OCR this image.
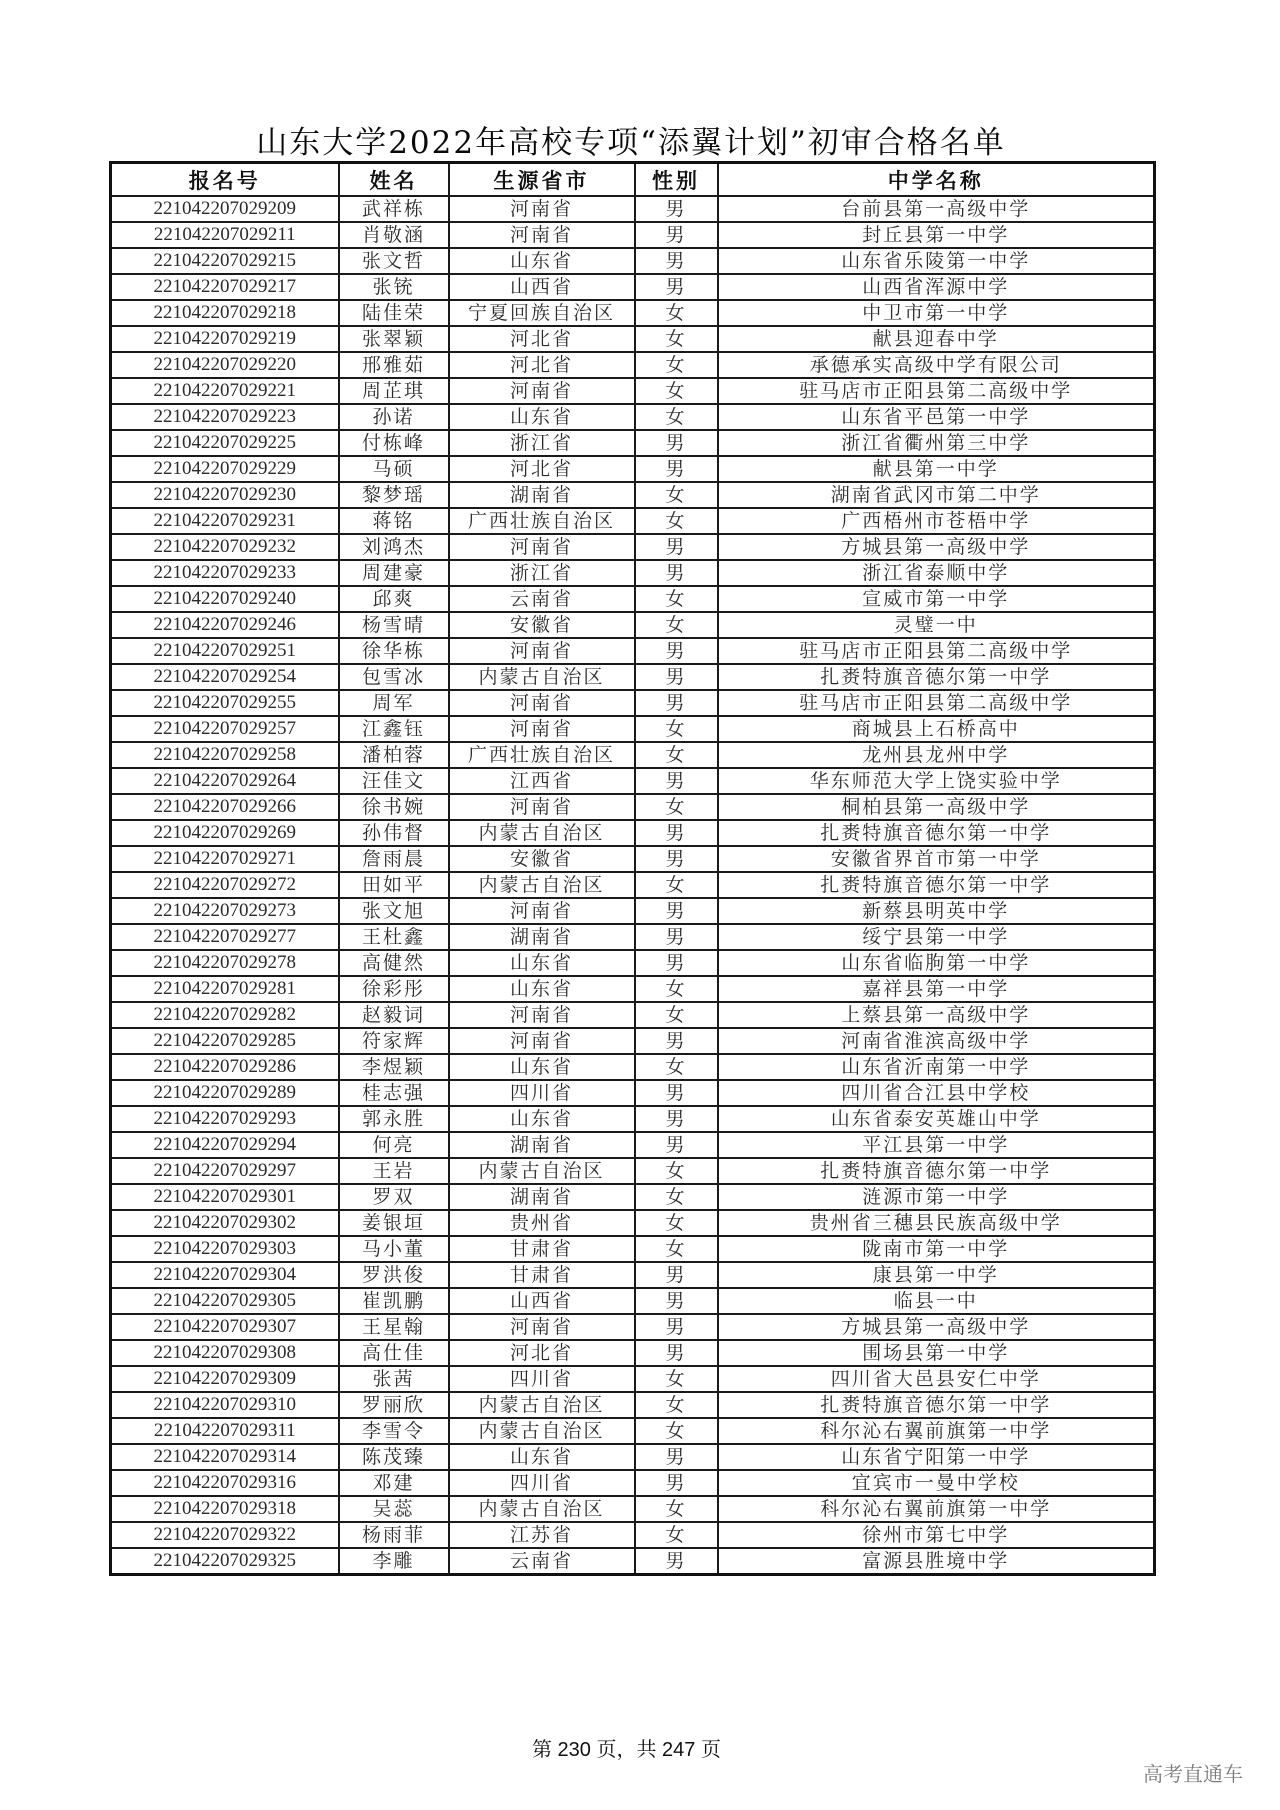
山东大学2022年高校专项“添翼计划”初审合格名单
报名号	姓名	生源省市	性别	中学名称
221042207029209	武祥栋	河南省	男	台前县第一高级中学
221042207029211	肖敬涵	河南省	男	封丘县第一中学
221042207029215	张文哲	山东省	男	山东省乐陵第一中学
221042207029217	张铳	山西省	男	山西省浑源中学
221042207029218	陆佳荣	宁夏回族自治区	女	中卫市第一中学
221042207029219	张翠颖	河北省	女	献县迎春中学
221042207029220	邢雅茹	河北省	女	承德承实高级中学有限公司
221042207029221	周芷琪	河南省	女	驻马店市正阳县第二高级中学
221042207029223	孙诺	山东省	女	山东省平邑第一中学
221042207029225	付栋峰	浙江省	男	浙江省衢州第三中学
221042207029229	马硕	河北省	男	献县第一中学
221042207029230	黎梦瑶	湖南省	女	湖南省武冈市第二中学
221042207029231	蒋铭	广西壮族自治区	女	广西梧州市苍梧中学
221042207029232	刘鸿杰	河南省	男	方城县第一高级中学
221042207029233	周建豪	浙江省	男	浙江省泰顺中学
221042207029240	邱爽	云南省	女	宣威市第一中学
221042207029246	杨雪晴	安徽省	女	灵璧一中
221042207029251	徐华栋	河南省	男	驻马店市正阳县第二高级中学
221042207029254	包雪冰	内蒙古自治区	男	扎赉特旗音德尔第一中学
221042207029255	周军	河南省	男	驻马店市正阳县第二高级中学
221042207029257	江鑫钰	河南省	女	商城县上石桥高中
221042207029258	潘柏蓉	广西壮族自治区	女	龙州县龙州中学
221042207029264	汪佳文	江西省	男	华东师范大学上饶实验中学
221042207029266	徐书婉	河南省	女	桐柏县第一高级中学
221042207029269	孙伟督	内蒙古自治区	男	扎赉特旗音德尔第一中学
221042207029271	詹雨晨	安徽省	男	安徽省界首市第一中学
221042207029272	田如平	内蒙古自治区	女	扎赉特旗音德尔第一中学
221042207029273	张文旭	河南省	男	新蔡县明英中学
221042207029277	王杜鑫	湖南省	男	绥宁县第一中学
221042207029278	高健然	山东省	男	山东省临朐第一中学
221042207029281	徐彩彤	山东省	女	嘉祥县第一中学
221042207029282	赵毅词	河南省	女	上蔡县第一高级中学
221042207029285	符家辉	河南省	男	河南省淮滨高级中学
221042207029286	李煜颖	山东省	女	山东省沂南第一中学
221042207029289	桂志强	四川省	男	四川省合江县中学校
221042207029293	郭永胜	山东省	男	山东省泰安英雄山中学
221042207029294	何亮	湖南省	男	平江县第一中学
221042207029297	王岩	内蒙古自治区	女	扎赉特旗音德尔第一中学
221042207029301	罗双	湖南省	女	涟源市第一中学
221042207029302	姜银垣	贵州省	女	贵州省三穗县民族高级中学
221042207029303	马小董	甘肃省	女	陇南市第一中学
221042207029304	罗洪俊	甘肃省	男	康县第一中学
221042207029305	崔凯鹏	山西省	男	临县一中
221042207029307	王星翰	河南省	男	方城县第一高级中学
221042207029308	高仕佳	河北省	男	围场县第一中学
221042207029309	张茜	四川省	女	四川省大邑县安仁中学
221042207029310	罗丽欣	内蒙古自治区	女	扎赉特旗音德尔第一中学
221042207029311	李雪令	内蒙古自治区	女	科尔沁右翼前旗第一中学
221042207029314	陈茂臻	山东省	男	山东省宁阳第一中学
221042207029316	邓建	四川省	男	宜宾市一曼中学校
221042207029318	吴蕊	内蒙古自治区	女	科尔沁右翼前旗第一中学
221042207029322	杨雨菲	江苏省	女	徐州市第七中学
221042207029325	李雕	云南省	男	富源县胜境中学
第 230 页，共 247 页
高考直通车
